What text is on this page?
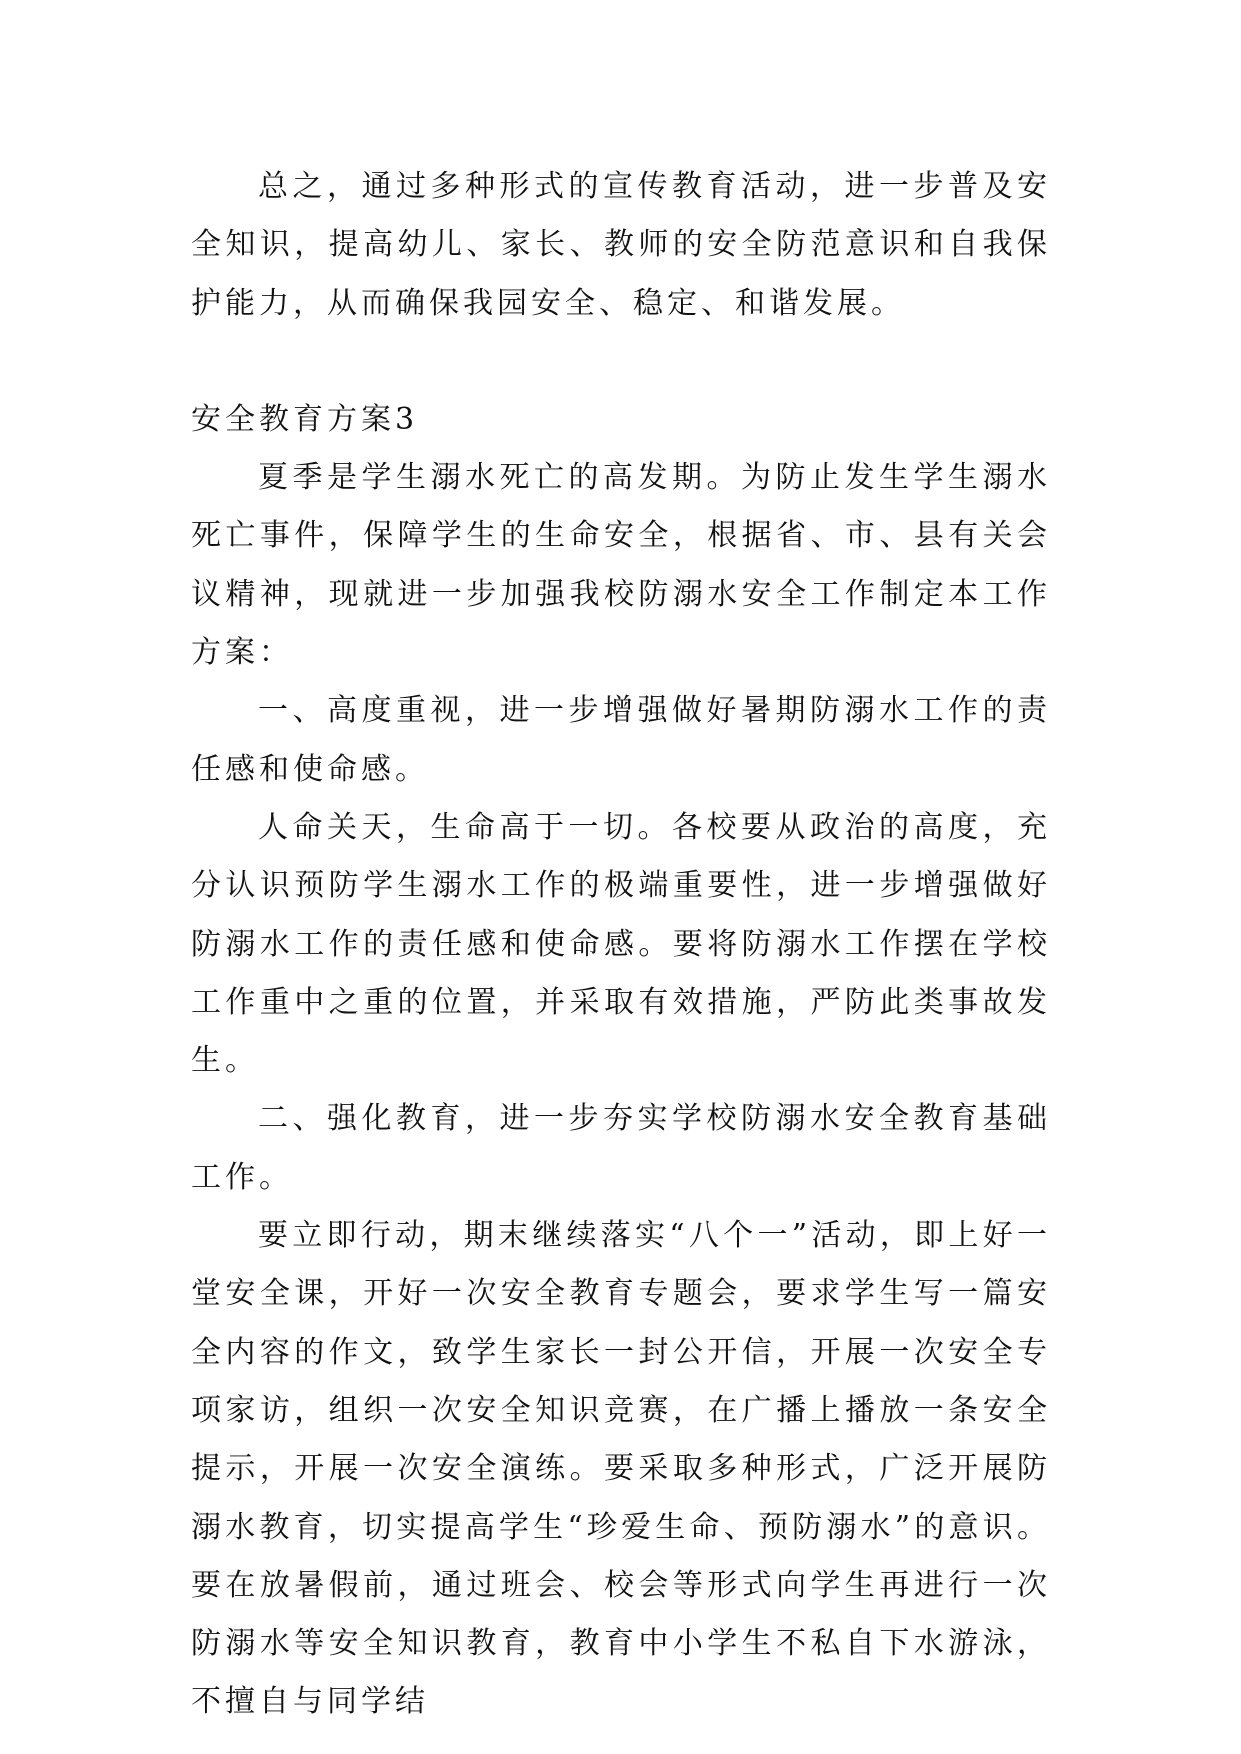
总之，通过多种形式的宣传教育活动，进一步普及安全知识，提高幼儿、家长、教师的安全防范意识和自我保护能力，从而确保我园安全、稳定、和谐发展。

安全教育方案3

夏季是学生溺水死亡的高发期。为防止发生学生溺水死亡事件，保障学生的生命安全，根据省、市、县有关会议精神，现就进一步加强我校防溺水安全工作制定本工作方案：

一、高度重视，进一步增强做好暑期防溺水工作的责任感和使命感。

人命关天，生命高于一切。各校要从政治的高度，充分认识预防学生溺水工作的极端重要性，进一步增强做好防溺水工作的责任感和使命感。要将防溺水工作摆在学校工作重中之重的位置，并采取有效措施，严防此类事故发生。

二、强化教育，进一步夯实学校防溺水安全教育基础工作。

要立即行动，期末继续落实“八个一”活动，即上好一堂安全课，开好一次安全教育专题会，要求学生写一篇安全内容的作文，致学生家长一封公开信，开展一次安全专项家访，组织一次安全知识竞赛，在广播上播放一条安全提示，开展一次安全演练。要采取多种形式，广泛开展防溺水教育，切实提高学生“珍爱生命、预防溺水”的意识。要在放暑假前，通过班会、校会等形式向学生再进行一次防溺水等安全知识教育，教育中小学生不私自下水游泳，不擅自与同学结
